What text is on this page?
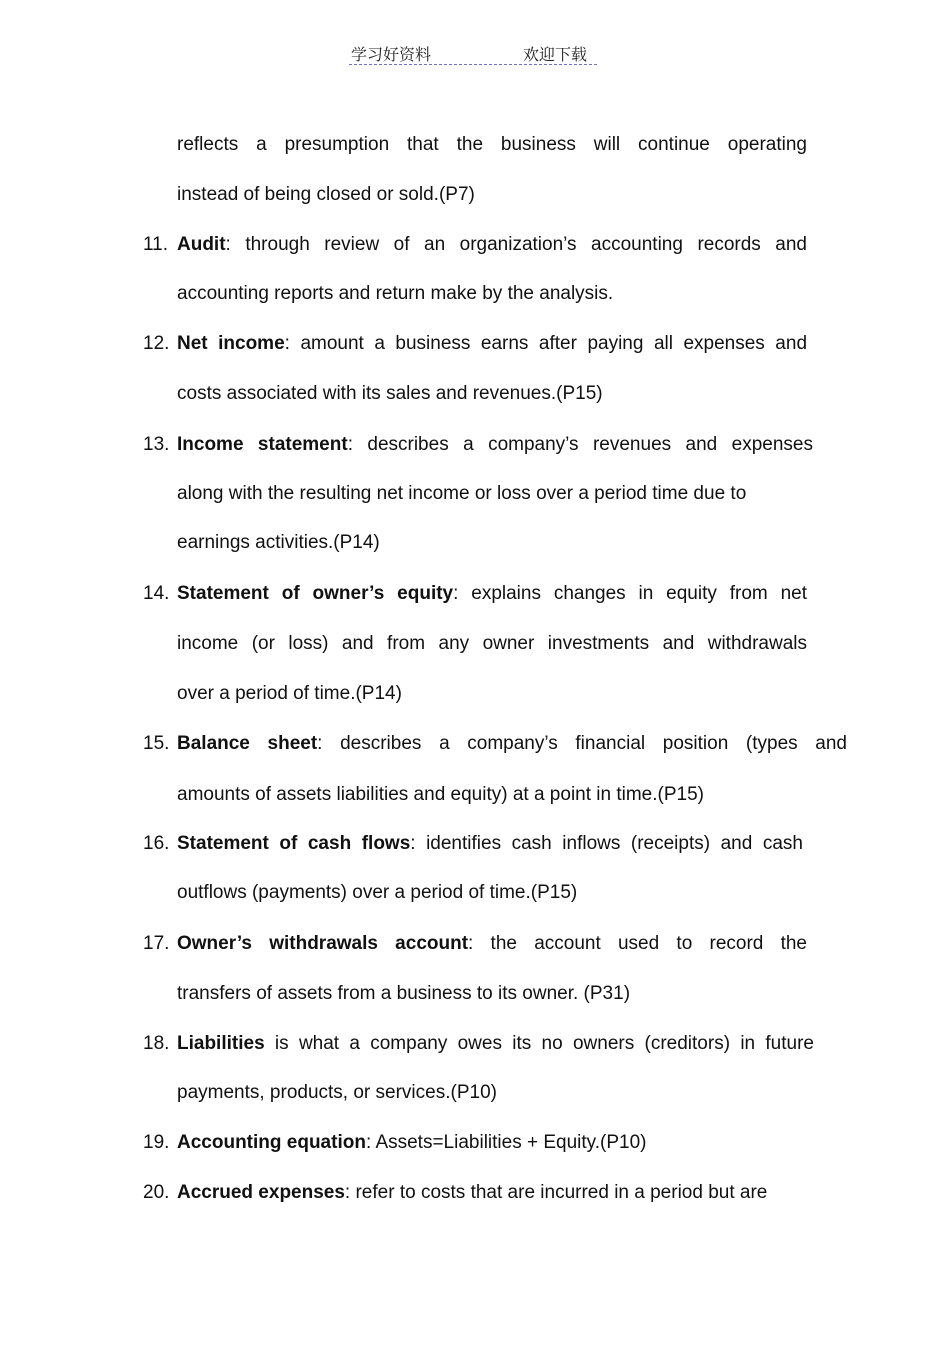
学习好资料	欢迎下载
reflects a presumption that the business will continue operating
instead of being closed or sold.(P7)
11. Audit: through review of an organization’s accounting records and
accounting reports and return make by the analysis.
12. Net income: amount a business earns after paying all expenses and
costs associated with its sales and revenues.(P15)
13. Income statement: describes a company’s revenues and expenses
along with the resulting net income or loss over a period time due to
earnings activities.(P14)
14. Statement of owner’s equity: explains changes in equity from net
income (or loss) and from any owner investments and withdrawals
over a period of time.(P14)
15. Balance sheet: describes a company’s financial position (types and
amounts of assets liabilities and equity) at a point in time.(P15)
16. Statement of cash flows: identifies cash inflows (receipts) and cash
outflows (payments) over a period of time.(P15)
17. Owner’s withdrawals account: the account used to record the
transfers of assets from a business to its owner. (P31)
18. Liabilities is what a company owes its no owners (creditors) in future
payments, products, or services.(P10)
19. Accounting equation: Assets=Liabilities + Equity.(P10)
20. Accrued expenses: refer to costs that are incurred in a period but are
